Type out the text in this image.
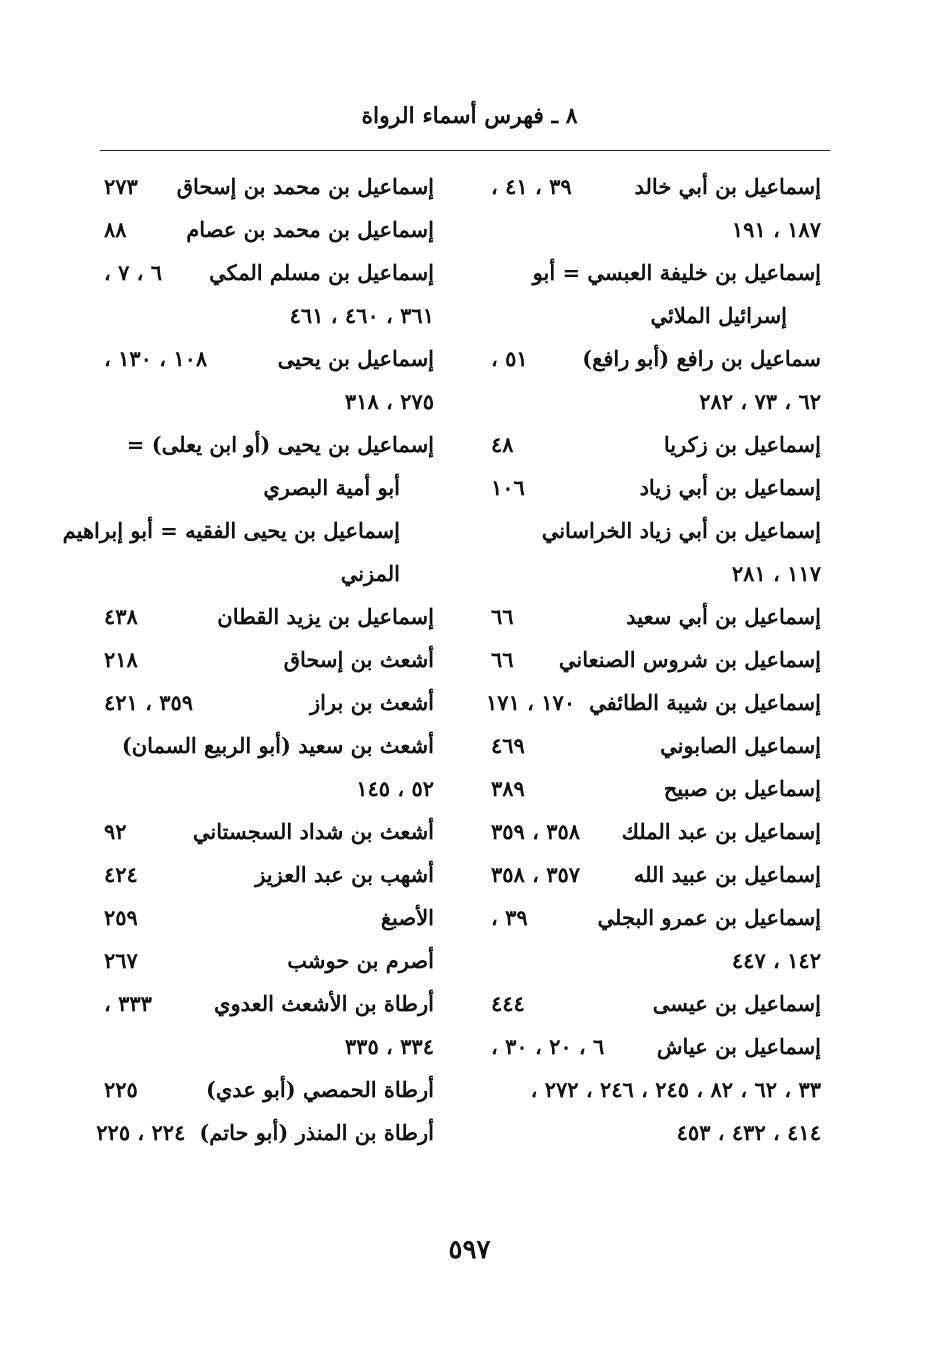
٨ ـ فهرس أسماء الرواة
إسماعيل بن أبي خالد
٣٩ ، ٤١ ،
١٨٧ ، ١٩١
إسماعيل بن خليفة العبسي = أبو
إسرائيل الملائي
سماعيل بن رافع (أبو رافع)
٥١ ،
٦٢ ، ٧٣ ، ٢٨٢
إسماعيل بن زكريا
٤٨
إسماعيل بن أبي زياد
١٠٦
إسماعيل بن أبي زياد الخراساني
١١٧ ، ٢٨١
إسماعيل بن أبي سعيد
٦٦
إسماعيل بن شروس الصنعاني
٦٦
إسماعيل بن شيبة الطائفي
١٧٠ ، ١٧١
إسماعيل الصابوني
٤٦٩
إسماعيل بن صبيح
٣٨٩
إسماعيل بن عبد الملك
٣٥٨ ، ٣٥٩
إسماعيل بن عبيد الله
٣٥٧ ، ٣٥٨
إسماعيل بن عمرو البجلي
٣٩ ،
١٤٢ ، ٤٤٧
إسماعيل بن عيسى
٤٤٤
إسماعيل بن عياش
٦ ، ٢٠ ، ٣٠ ،
٣٣ ، ٦٢ ، ٨٢ ، ٢٤٥ ، ٢٤٦ ، ٢٧٢ ،
٤١٤ ، ٤٣٢ ، ٤٥٣
إسماعيل بن محمد بن إسحاق
٢٧٣
إسماعيل بن محمد بن عصام
٨٨
إسماعيل بن مسلم المكي
٦ ، ٧ ،
٣٦١ ، ٤٦٠ ، ٤٦١
إسماعيل بن يحيى
١٠٨ ، ١٣٠ ،
٢٧٥ ، ٣١٨
إسماعيل بن يحيى (أو ابن يعلى) =
أبو أمية البصري
إسماعيل بن يحيى الفقيه = أبو إبراهيم
المزني
إسماعيل بن يزيد القطان
٤٣٨
أشعث بن إسحاق
٢١٨
أشعث بن براز
٣٥٩ ، ٤٢١
أشعث بن سعيد (أبو الربيع السمان)
٥٢ ، ١٤٥
أشعث بن شداد السجستاني
٩٢
أشهب بن عبد العزيز
٤٢٤
الأصبغ
٢٥٩
أصرم بن حوشب
٢٦٧
أرطاة بن الأشعث العدوي
٣٣٣ ،
٣٣٤ ، ٣٣٥
أرطاة الحمصي (أبو عدي)
٢٢٥
أرطاة بن المنذر (أبو حاتم)
٢٢٤ ، ٢٢٥
٥٩٧
